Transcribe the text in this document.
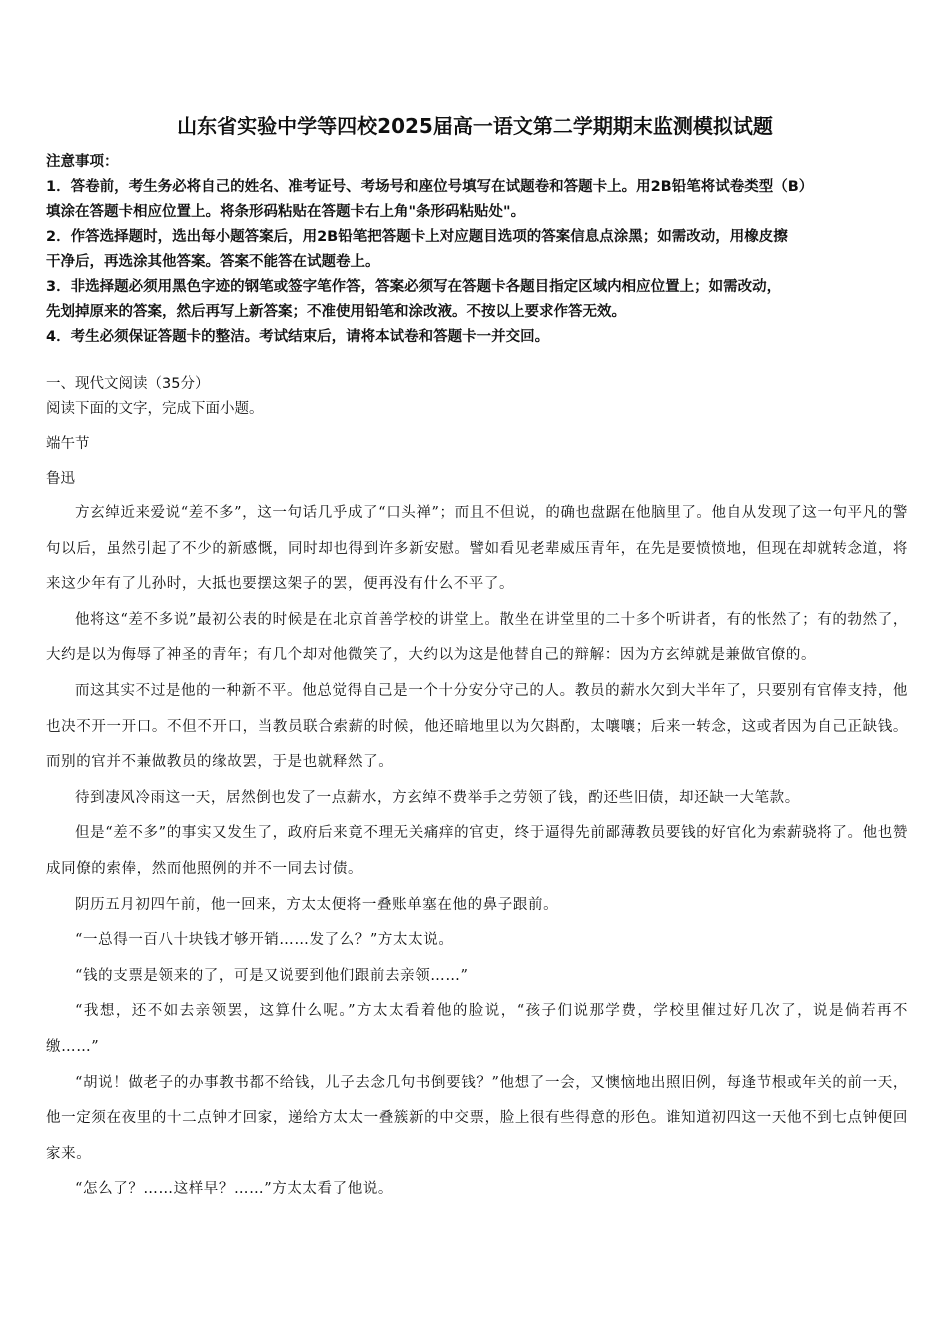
山东省实验中学等四校2025届高一语文第二学期期末监测模拟试题
注意事项：
1．答卷前，考生务必将自己的姓名、准考证号、考场号和座位号填写在试题卷和答题卡上。用2B铅笔将试卷类型（B）
填涂在答题卡相应位置上。将条形码粘贴在答题卡右上角"条形码粘贴处"。
2．作答选择题时，选出每小题答案后，用2B铅笔把答题卡上对应题目选项的答案信息点涂黑；如需改动，用橡皮擦
干净后，再选涂其他答案。答案不能答在试题卷上。
3．非选择题必须用黑色字迹的钢笔或签字笔作答，答案必须写在答题卡各题目指定区域内相应位置上；如需改动，
先划掉原来的答案，然后再写上新答案；不准使用铅笔和涂改液。不按以上要求作答无效。
4．考生必须保证答题卡的整洁。考试结束后，请将本试卷和答题卡一并交回。
一、现代文阅读（35分）
阅读下面的文字，完成下面小题。
端午节
鲁迅

方玄绰近来爱说“差不多”，这一句话几乎成了“口头禅”；而且不但说，的确也盘踞在他脑里了。他自从发现了这一句平凡的警句以后，虽然引起了不少的新感慨，同时却也得到许多新安慰。譬如看见老辈威压青年，在先是要愤愤地，但现在却就转念道，将来这少年有了儿孙时，大抵也要摆这架子的罢，便再没有什么不平了。

他将这“差不多说”最初公表的时候是在北京首善学校的讲堂上。散坐在讲堂里的二十多个听讲者，有的怅然了；有的勃然了，大约是以为侮辱了神圣的青年；有几个却对他微笑了，大约以为这是他替自己的辩解：因为方玄绰就是兼做官僚的。

而这其实不过是他的一种新不平。他总觉得自己是一个十分安分守己的人。教员的薪水欠到大半年了，只要别有官俸支持，他也决不开一开口。不但不开口，当教员联合索薪的时候，他还暗地里以为欠斟酌，太嚷嚷；后来一转念，这或者因为自己正缺钱。而别的官并不兼做教员的缘故罢，于是也就释然了。

待到凄风冷雨这一天，居然倒也发了一点薪水，方玄绰不费举手之劳领了钱，酌还些旧债，却还缺一大笔款。

但是“差不多”的事实又发生了，政府后来竟不理无关痛痒的官吏，终于逼得先前鄙薄教员要钱的好官化为索薪骁将了。他也赞成同僚的索俸，然而他照例的并不一同去讨债。

阴历五月初四午前，他一回来，方太太便将一叠账单塞在他的鼻子跟前。

“一总得一百八十块钱才够开销……发了么？”方太太说。

“钱的支票是领来的了，可是又说要到他们跟前去亲领……”

“我想，还不如去亲领罢，这算什么呢。”方太太看着他的脸说，“孩子们说那学费，学校里催过好几次了，说是倘若再不缴……”

“胡说！做老子的办事教书都不给钱，儿子去念几句书倒要钱？”他想了一会，又懊恼地出照旧例，每逢节根或年关的前一天，他一定须在夜里的十二点钟才回家，递给方太太一叠簇新的中交票，脸上很有些得意的形色。谁知道初四这一天他不到七点钟便回家来。

“怎么了？……这样早？……”方太太看了他说。
